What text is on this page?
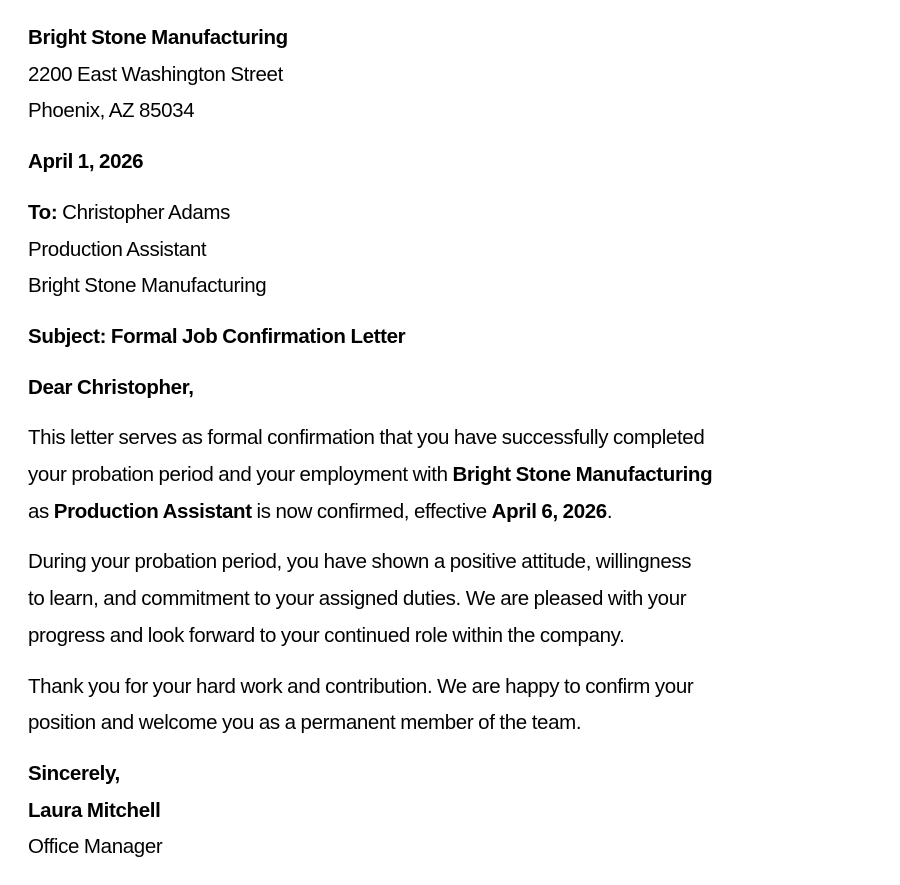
Bright Stone Manufacturing
2200 East Washington Street
Phoenix, AZ 85034
April 1, 2026
To: Christopher Adams
Production Assistant
Bright Stone Manufacturing
Subject: Formal Job Confirmation Letter
Dear Christopher,
This letter serves as formal confirmation that you have successfully completed
your probation period and your employment with Bright Stone Manufacturing
as Production Assistant is now confirmed, effective April 6, 2026.
During your probation period, you have shown a positive attitude, willingness
to learn, and commitment to your assigned duties. We are pleased with your
progress and look forward to your continued role within the company.
Thank you for your hard work and contribution. We are happy to confirm your
position and welcome you as a permanent member of the team.
Sincerely,
Laura Mitchell
Office Manager
